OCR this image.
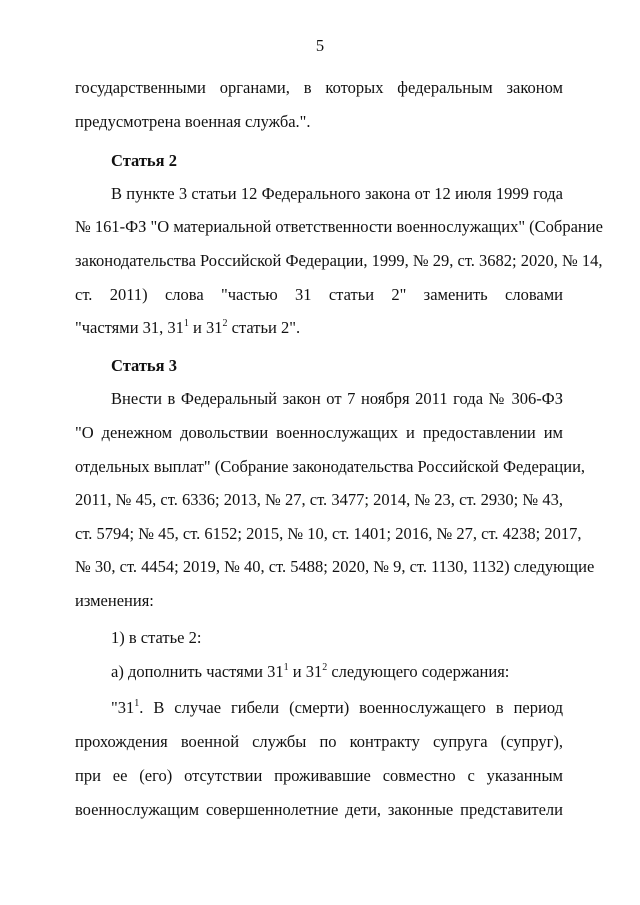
5
государственными органами, в которых федеральным законом
предусмотрена военная служба.".
Статья 2
В пункте 3 статьи 12 Федерального закона от 12 июля 1999 года
№ 161-ФЗ "О материальной ответственности военнослужащих" (Собрание
законодательства Российской Федерации, 1999, № 29, ст. 3682; 2020, № 14,
ст. 2011) слова "частью 31 статьи 2" заменить словами
"частями 31, $31^1$ и $31^2$ статьи 2".
Статья 3
Внести в Федеральный закон от 7 ноября 2011 года № 306-ФЗ
"О денежном довольствии военнослужащих и предоставлении им
отдельных выплат" (Собрание законодательства Российской Федерации,
2011, № 45, ст. 6336; 2013, № 27, ст. 3477; 2014, № 23, ст. 2930; № 43,
ст. 5794; № 45, ст. 6152; 2015, № 10, ст. 1401; 2016, № 27, ст. 4238; 2017,
№ 30, ст. 4454; 2019, № 40, ст. 5488; 2020, № 9, ст. 1130, 1132) следующие
изменения:
1) в статье 2:
а) дополнить частями $31^1$ и $31^2$ следующего содержания:
"$31^1$. В случае гибели (смерти) военнослужащего в период
прохождения военной службы по контракту супруга (супруг),
при ее (его) отсутствии проживавшие совместно с указанным
военнослужащим совершеннолетние дети, законные представители
